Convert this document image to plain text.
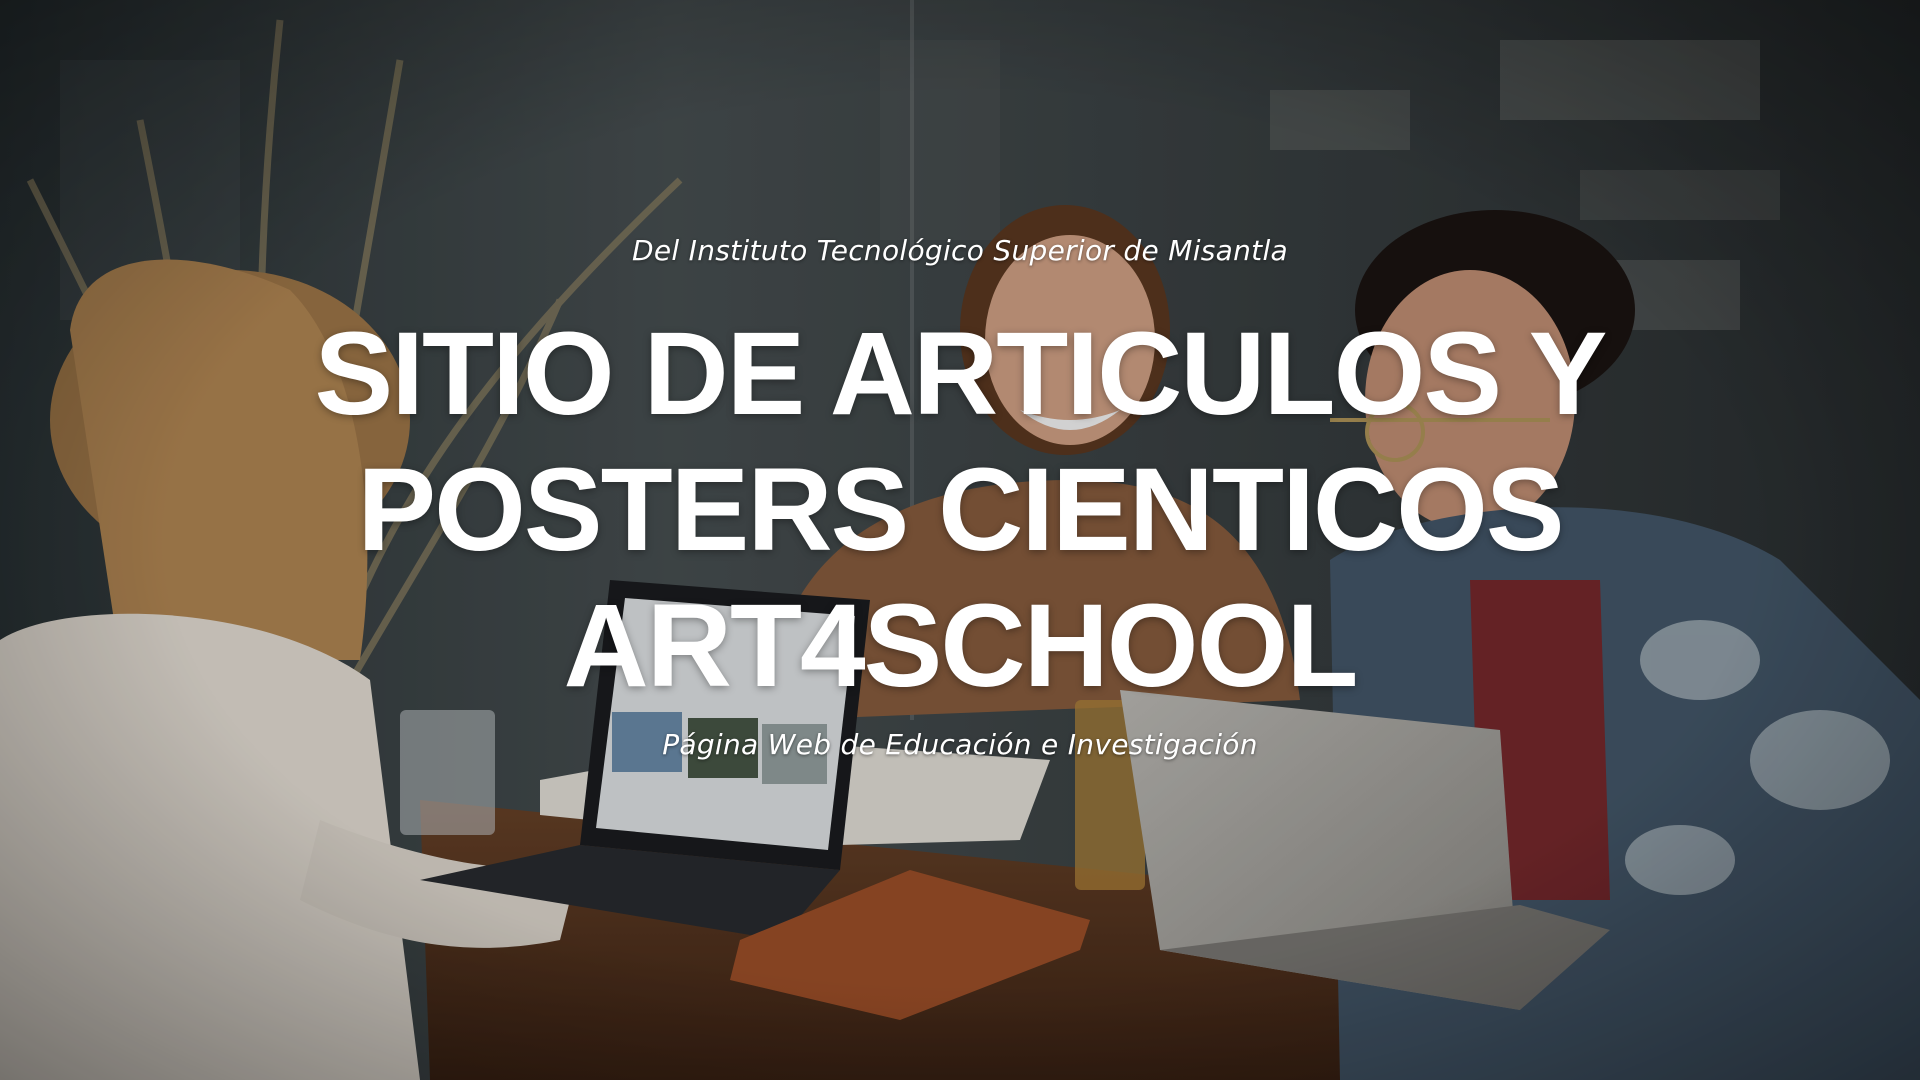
Del Instituto Tecnológico Superior de Misantla
SITIO DE ARTICULOS Y
POSTERS CIENTICOS
ART4SCHOOL
Página Web de Educación e Investigación
